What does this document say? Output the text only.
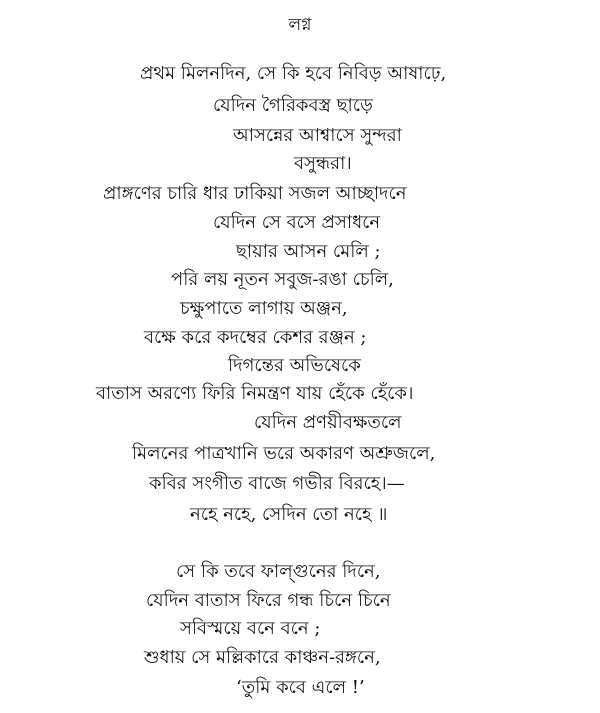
লগ্ন
প্রথম মিলনদিন, সে কি হবে নিবিড় আষাঢ়ে,
যেদিন গৈরিকবস্ত্র ছাড়ে
আসন্নের আশ্বাসে সুন্দরা
বসুন্ধরা।
প্রাঙ্গণের চারি ধার ঢাকিয়া সজল আচ্ছাদনে
যেদিন সে বসে প্রসাধনে
ছায়ার আসন মেলি ;
পরি লয় নূতন সবুজ-রঙা চেলি,
চক্ষুপাতে লাগায় অঞ্জন,
বক্ষে করে কদম্বের কেশর রঞ্জন ;
দিগন্তের অভিষেকে
বাতাস অরণ্যে ফিরি নিমন্ত্রণ যায় হেঁকে হেঁকে।
যেদিন প্রণয়ীবক্ষতলে
মিলনের পাত্রখানি ভরে অকারণ অশ্রুজলে,
কবির সংগীত বাজে গভীর বিরহে।—
নহে নহে, সেদিন তো নহে ॥
সে কি তবে ফাল্গুনের দিনে,
যেদিন বাতাস ফিরে গন্ধ চিনে চিনে
সবিস্ময়ে বনে বনে ;
শুধায় সে মল্লিকারে কাঞ্চন-রঙ্গনে,
‘তুমি কবে এলে !’
